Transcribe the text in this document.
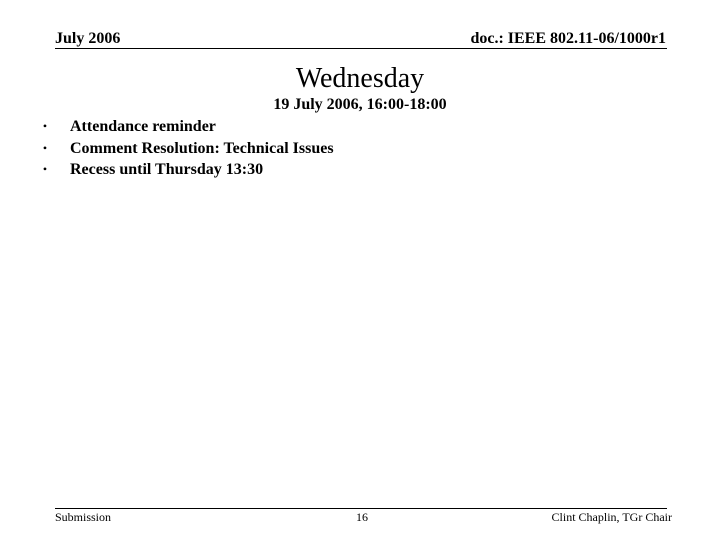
July 2006	doc.: IEEE 802.11-06/1000r1
Wednesday
19 July 2006, 16:00-18:00
• Attendance reminder
• Comment Resolution: Technical Issues
• Recess until Thursday 13:30
Submission	16	Clint Chaplin, TGr Chair
